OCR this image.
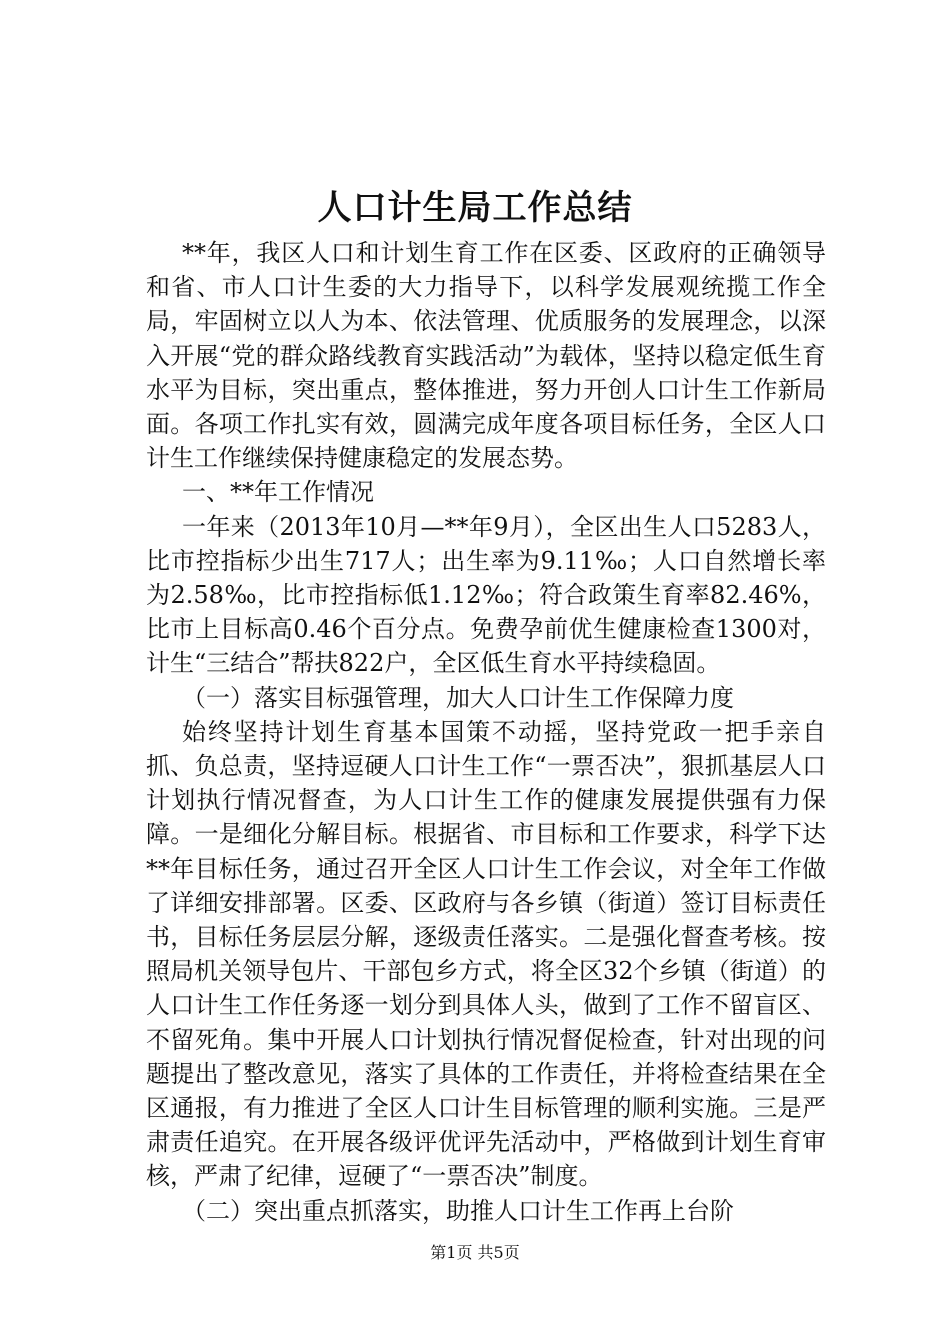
人口计生局工作总结

**年，我区人口和计划生育工作在区委、区政府的正确领导和省、市人口计生委的大力指导下，以科学发展观统揽工作全局，牢固树立以人为本、依法管理、优质服务的发展理念，以深入开展“党的群众路线教育实践活动”为载体，坚持以稳定低生育水平为目标，突出重点，整体推进，努力开创人口计生工作新局面。各项工作扎实有效，圆满完成年度各项目标任务，全区人口计生工作继续保持健康稳定的发展态势。

一、**年工作情况

一年来（2013年10月—**年9月），全区出生人口5283人，比市控指标少出生717人；出生率为9.11‰；人口自然增长率为2.58‰，比市控指标低1.12‰；符合政策生育率82.46%，比市上目标高0.46个百分点。免费孕前优生健康检查1300对，计生“三结合”帮扶822户，全区低生育水平持续稳固。

（一）落实目标强管理，加大人口计生工作保障力度

始终坚持计划生育基本国策不动摇，坚持党政一把手亲自抓、负总责，坚持逗硬人口计生工作“一票否决”，狠抓基层人口计划执行情况督查，为人口计生工作的健康发展提供强有力保障。一是细化分解目标。根据省、市目标和工作要求，科学下达**年目标任务，通过召开全区人口计生工作会议，对全年工作做了详细安排部署。区委、区政府与各乡镇（街道）签订目标责任书，目标任务层层分解，逐级责任落实。二是强化督查考核。按照局机关领导包片、干部包乡方式，将全区32个乡镇（街道）的人口计生工作任务逐一划分到具体人头，做到了工作不留盲区、不留死角。集中开展人口计划执行情况督促检查，针对出现的问题提出了整改意见，落实了具体的工作责任，并将检查结果在全区通报，有力推进了全区人口计生目标管理的顺利实施。三是严肃责任追究。在开展各级评优评先活动中，严格做到计划生育审核，严肃了纪律，逗硬了“一票否决”制度。

（二）突出重点抓落实，助推人口计生工作再上台阶

第1页 共5页
